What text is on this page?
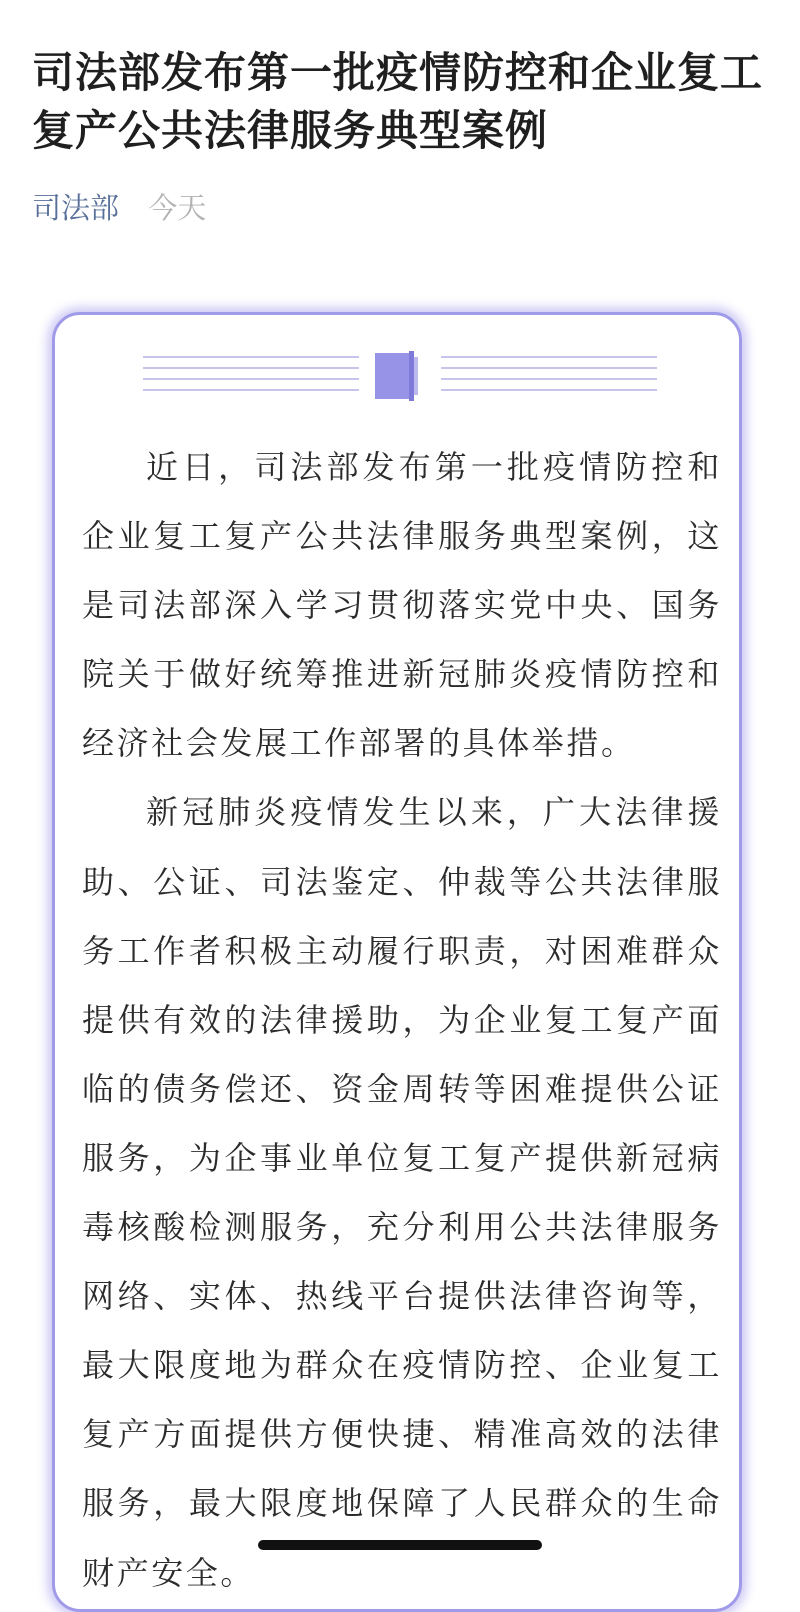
司法部发布第一批疫情防控和企业复工复产公共法律服务典型案例
司法部 今天

近日，司法部发布第一批疫情防控和企业复工复产公共法律服务典型案例，这是司法部深入学习贯彻落实党中央、国务院关于做好统筹推进新冠肺炎疫情防控和经济社会发展工作部署的具体举措。

新冠肺炎疫情发生以来，广大法律援助、公证、司法鉴定、仲裁等公共法律服务工作者积极主动履行职责，对困难群众提供有效的法律援助，为企业复工复产面临的债务偿还、资金周转等困难提供公证服务，为企事业单位复工复产提供新冠病毒核酸检测服务，充分利用公共法律服务网络、实体、热线平台提供法律咨询等，最大限度地为群众在疫情防控、企业复工复产方面提供方便快捷、精准高效的法律服务，最大限度地保障了人民群众的生命财产安全。
